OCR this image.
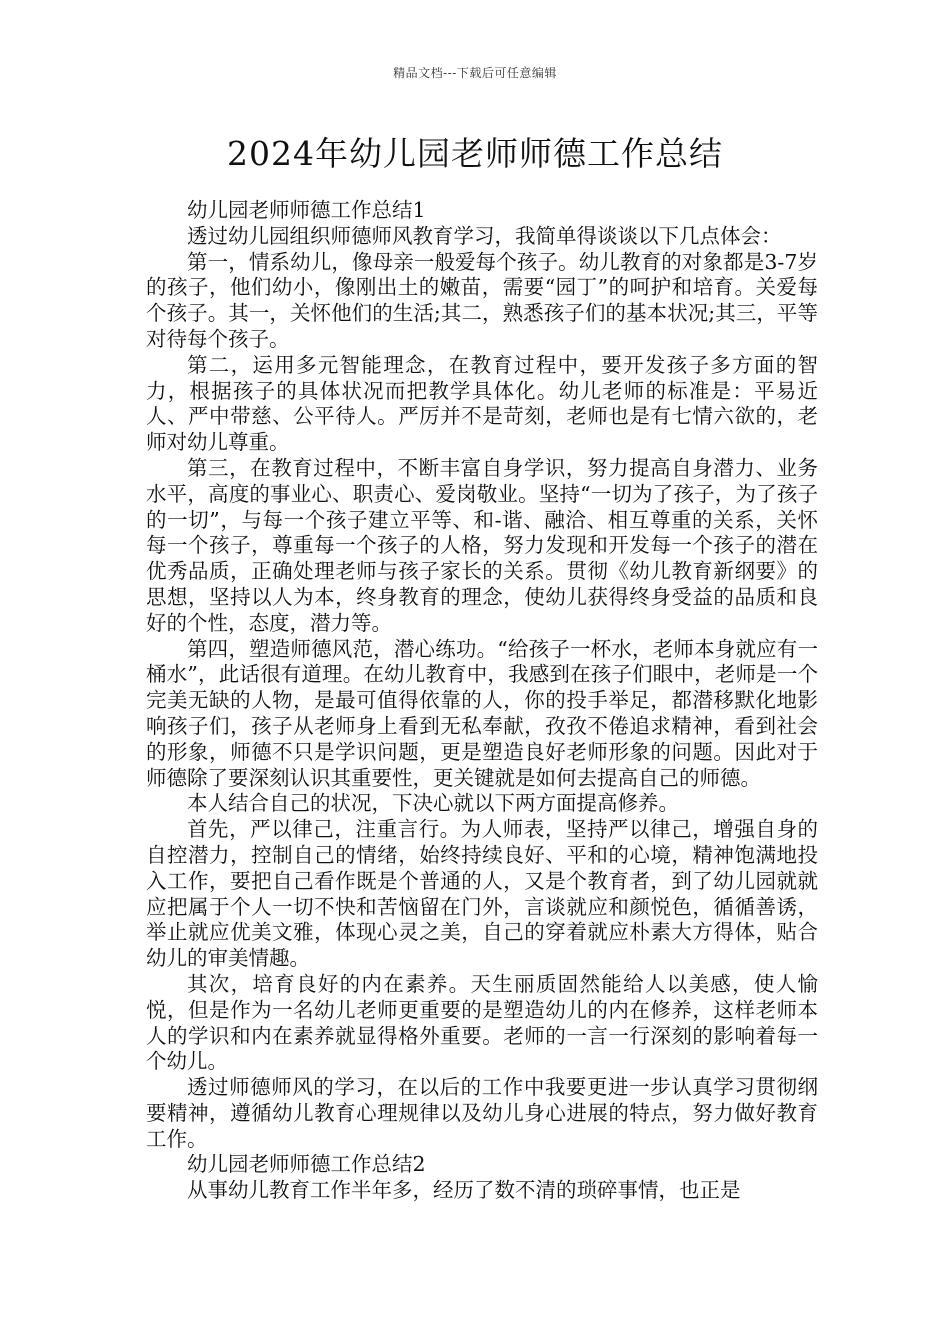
精品文档---下载后可任意编辑
2024年幼儿园老师师德工作总结

幼儿园老师师德工作总结1

透过幼儿园组织师德师风教育学习，我简单得谈谈以下几点体会：

第一，情系幼儿，像母亲一般爱每个孩子。幼儿教育的对象都是3-7岁的孩子，他们幼小，像刚出土的嫩苗，需要“园丁”的呵护和培育。关爱每个孩子。其一，关怀他们的生活;其二，熟悉孩子们的基本状况;其三，平等对待每个孩子。

第二，运用多元智能理念，在教育过程中，要开发孩子多方面的智力，根据孩子的具体状况而把教学具体化。幼儿老师的标准是：平易近人、严中带慈、公平待人。严厉并不是苛刻，老师也是有七情六欲的，老师对幼儿尊重。

第三，在教育过程中，不断丰富自身学识，努力提高自身潜力、业务水平，高度的事业心、职责心、爱岗敬业。坚持“一切为了孩子，为了孩子的一切”，与每一个孩子建立平等、和-谐、融洽、相互尊重的关系，关怀每一个孩子，尊重每一个孩子的人格，努力发现和开发每一个孩子的潜在优秀品质，正确处理老师与孩子家长的关系。贯彻《幼儿教育新纲要》的思想，坚持以人为本，终身教育的理念，使幼儿获得终身受益的品质和良好的个性，态度，潜力等。

第四，塑造师德风范，潜心练功。“给孩子一杯水，老师本身就应有一桶水”，此话很有道理。在幼儿教育中，我感到在孩子们眼中，老师是一个完美无缺的人物，是最可值得依靠的人，你的投手举足，都潜移默化地影响孩子们，孩子从老师身上看到无私奉献，孜孜不倦追求精神，看到社会的形象，师德不只是学识问题，更是塑造良好老师形象的问题。因此对于师德除了要深刻认识其重要性，更关键就是如何去提高自己的师德。

本人结合自己的状况，下决心就以下两方面提高修养。

首先，严以律己，注重言行。为人师表，坚持严以律己，增强自身的自控潜力，控制自己的情绪，始终持续良好、平和的心境，精神饱满地投入工作，要把自己看作既是个普通的人，又是个教育者，到了幼儿园就就应把属于个人一切不快和苦恼留在门外，言谈就应和颜悦色，循循善诱，举止就应优美文雅，体现心灵之美，自己的穿着就应朴素大方得体，贴合幼儿的审美情趣。

其次，培育良好的内在素养。天生丽质固然能给人以美感，使人愉悦，但是作为一名幼儿老师更重要的是塑造幼儿的内在修养，这样老师本人的学识和内在素养就显得格外重要。老师的一言一行深刻的影响着每一个幼儿。

透过师德师风的学习，在以后的工作中我要更进一步认真学习贯彻纲要精神，遵循幼儿教育心理规律以及幼儿身心进展的特点，努力做好教育工作。

幼儿园老师师德工作总结2

从事幼儿教育工作半年多，经历了数不清的琐碎事情，也正是
